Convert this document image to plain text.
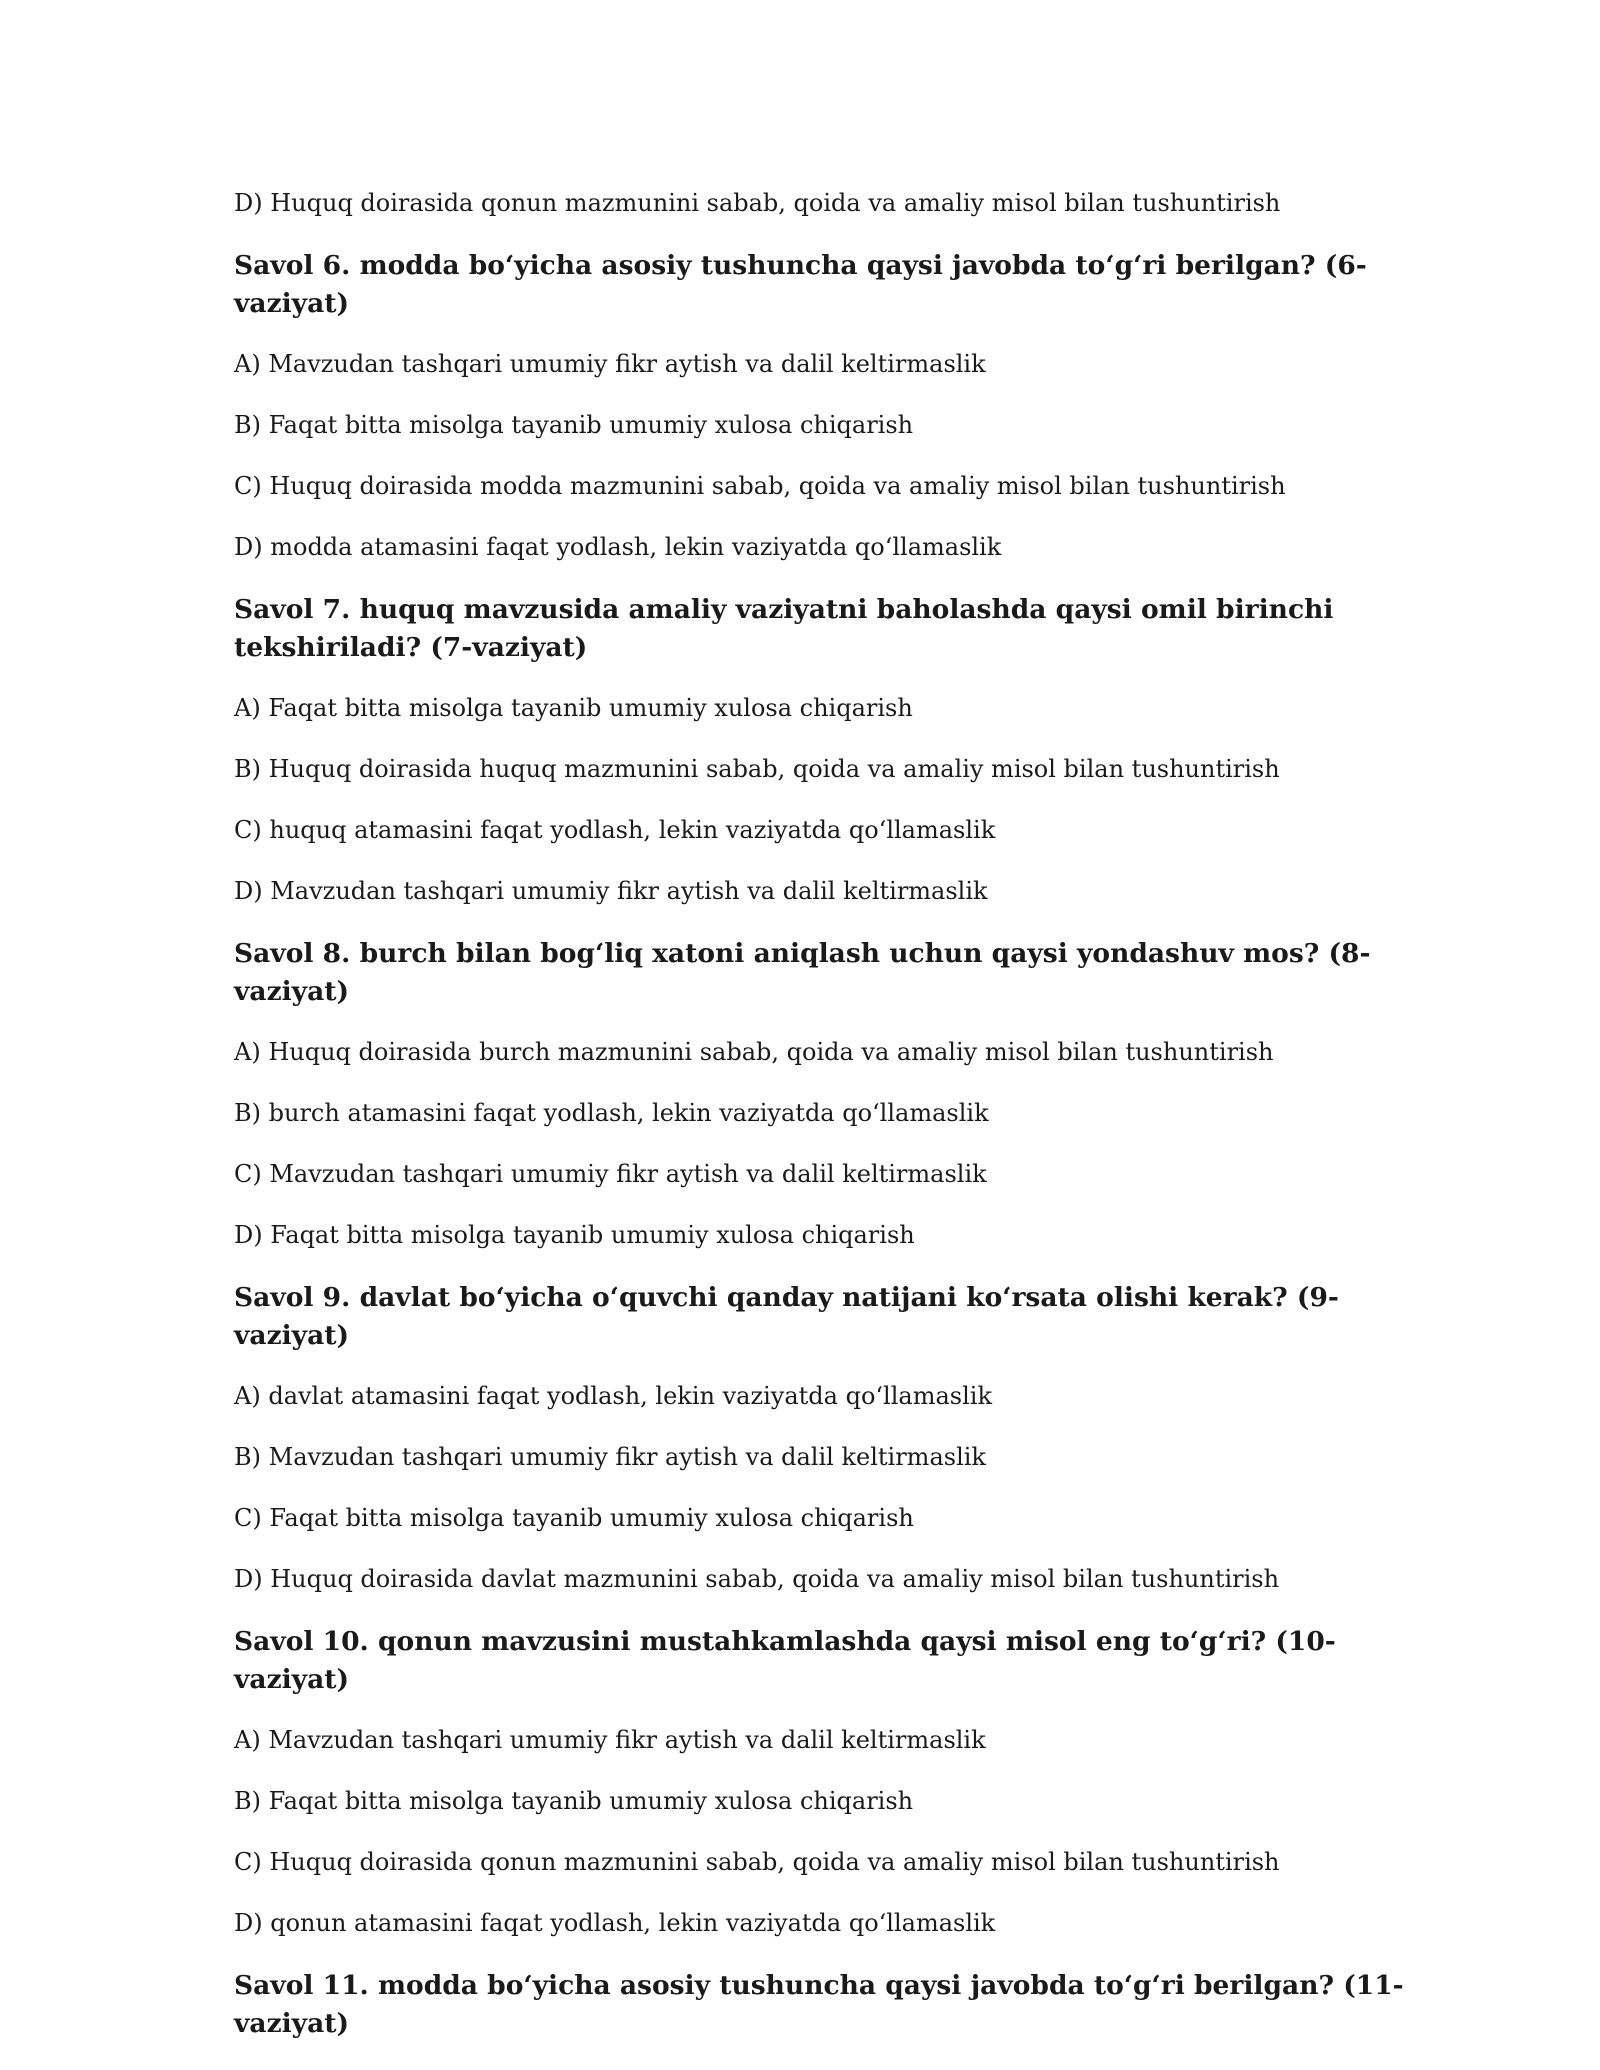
D) Huquq doirasida qonun mazmunini sabab, qoida va amaliy misol bilan tushuntirish

Savol 6. modda bo‘yicha asosiy tushuncha qaysi javobda to‘g‘ri berilgan? (6-vaziyat)

A) Mavzudan tashqari umumiy fikr aytish va dalil keltirmaslik

B) Faqat bitta misolga tayanib umumiy xulosa chiqarish

C) Huquq doirasida modda mazmunini sabab, qoida va amaliy misol bilan tushuntirish

D) modda atamasini faqat yodlash, lekin vaziyatda qo‘llamaslik

Savol 7. huquq mavzusida amaliy vaziyatni baholashda qaysi omil birinchi tekshiriladi? (7-vaziyat)

A) Faqat bitta misolga tayanib umumiy xulosa chiqarish

B) Huquq doirasida huquq mazmunini sabab, qoida va amaliy misol bilan tushuntirish

C) huquq atamasini faqat yodlash, lekin vaziyatda qo‘llamaslik

D) Mavzudan tashqari umumiy fikr aytish va dalil keltirmaslik

Savol 8. burch bilan bog‘liq xatoni aniqlash uchun qaysi yondashuv mos? (8-vaziyat)

A) Huquq doirasida burch mazmunini sabab, qoida va amaliy misol bilan tushuntirish

B) burch atamasini faqat yodlash, lekin vaziyatda qo‘llamaslik

C) Mavzudan tashqari umumiy fikr aytish va dalil keltirmaslik

D) Faqat bitta misolga tayanib umumiy xulosa chiqarish

Savol 9. davlat bo‘yicha o‘quvchi qanday natijani ko‘rsata olishi kerak? (9-vaziyat)

A) davlat atamasini faqat yodlash, lekin vaziyatda qo‘llamaslik

B) Mavzudan tashqari umumiy fikr aytish va dalil keltirmaslik

C) Faqat bitta misolga tayanib umumiy xulosa chiqarish

D) Huquq doirasida davlat mazmunini sabab, qoida va amaliy misol bilan tushuntirish

Savol 10. qonun mavzusini mustahkamlashda qaysi misol eng to‘g‘ri? (10-vaziyat)

A) Mavzudan tashqari umumiy fikr aytish va dalil keltirmaslik

B) Faqat bitta misolga tayanib umumiy xulosa chiqarish

C) Huquq doirasida qonun mazmunini sabab, qoida va amaliy misol bilan tushuntirish

D) qonun atamasini faqat yodlash, lekin vaziyatda qo‘llamaslik

Savol 11. modda bo‘yicha asosiy tushuncha qaysi javobda to‘g‘ri berilgan? (11-vaziyat)
